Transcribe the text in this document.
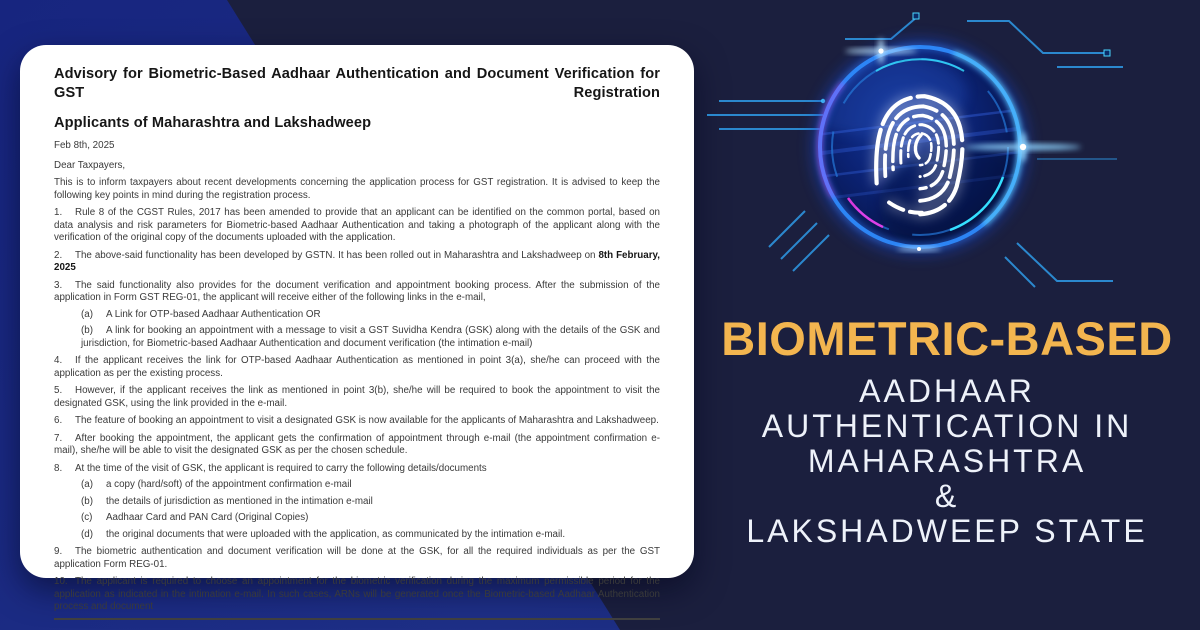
Advisory for Biometric-Based Aadhaar Authentication and Document Verification for GST Registration
Applicants of Maharashtra and Lakshadweep
Feb 8th, 2025
Dear Taxpayers,
This is to inform taxpayers about recent developments concerning the application process for GST registration. It is advised to keep the following key points in mind during the registration process.
1. Rule 8 of the CGST Rules, 2017 has been amended to provide that an applicant can be identified on the common portal, based on data analysis and risk parameters for Biometric-based Aadhaar Authentication and taking a photograph of the applicant along with the verification of the original copy of the documents uploaded with the application.
2. The above-said functionality has been developed by GSTN. It has been rolled out in Maharashtra and Lakshadweep on 8th February, 2025
3. The said functionality also provides for the document verification and appointment booking process. After the submission of the application in Form GST REG-01, the applicant will receive either of the following links in the e-mail,
(a) A Link for OTP-based Aadhaar Authentication OR
(b) A link for booking an appointment with a message to visit a GST Suvidha Kendra (GSK) along with the details of the GSK and jurisdiction, for Biometric-based Aadhaar Authentication and document verification (the intimation e-mail)
4. If the applicant receives the link for OTP-based Aadhaar Authentication as mentioned in point 3(a), she/he can proceed with the application as per the existing process.
5. However, if the applicant receives the link as mentioned in point 3(b), she/he will be required to book the appointment to visit the designated GSK, using the link provided in the e-mail.
6. The feature of booking an appointment to visit a designated GSK is now available for the applicants of Maharashtra and Lakshadweep.
7. After booking the appointment, the applicant gets the confirmation of appointment through e-mail (the appointment confirmation e-mail), she/he will be able to visit the designated GSK as per the chosen schedule.
8. At the time of the visit of GSK, the applicant is required to carry the following details/documents
(a) a copy (hard/soft) of the appointment confirmation e-mail
(b) the details of jurisdiction as mentioned in the intimation e-mail
(c) Aadhaar Card and PAN Card (Original Copies)
(d) the original documents that were uploaded with the application, as communicated by the intimation e-mail.
9. The biometric authentication and document verification will be done at the GSK, for all the required individuals as per the GST application Form REG-01.
10. The applicant is required to choose an appointment for the biometric verification during the maximum permissible period for the application as indicated in the intimation e-mail. In such cases, ARNs will be generated once the Biometric-based Aadhaar Authentication process and document
BIOMETRIC-BASED
AADHAAR
AUTHENTICATION IN
MAHARASHTRA
&
LAKSHADWEEP STATE
